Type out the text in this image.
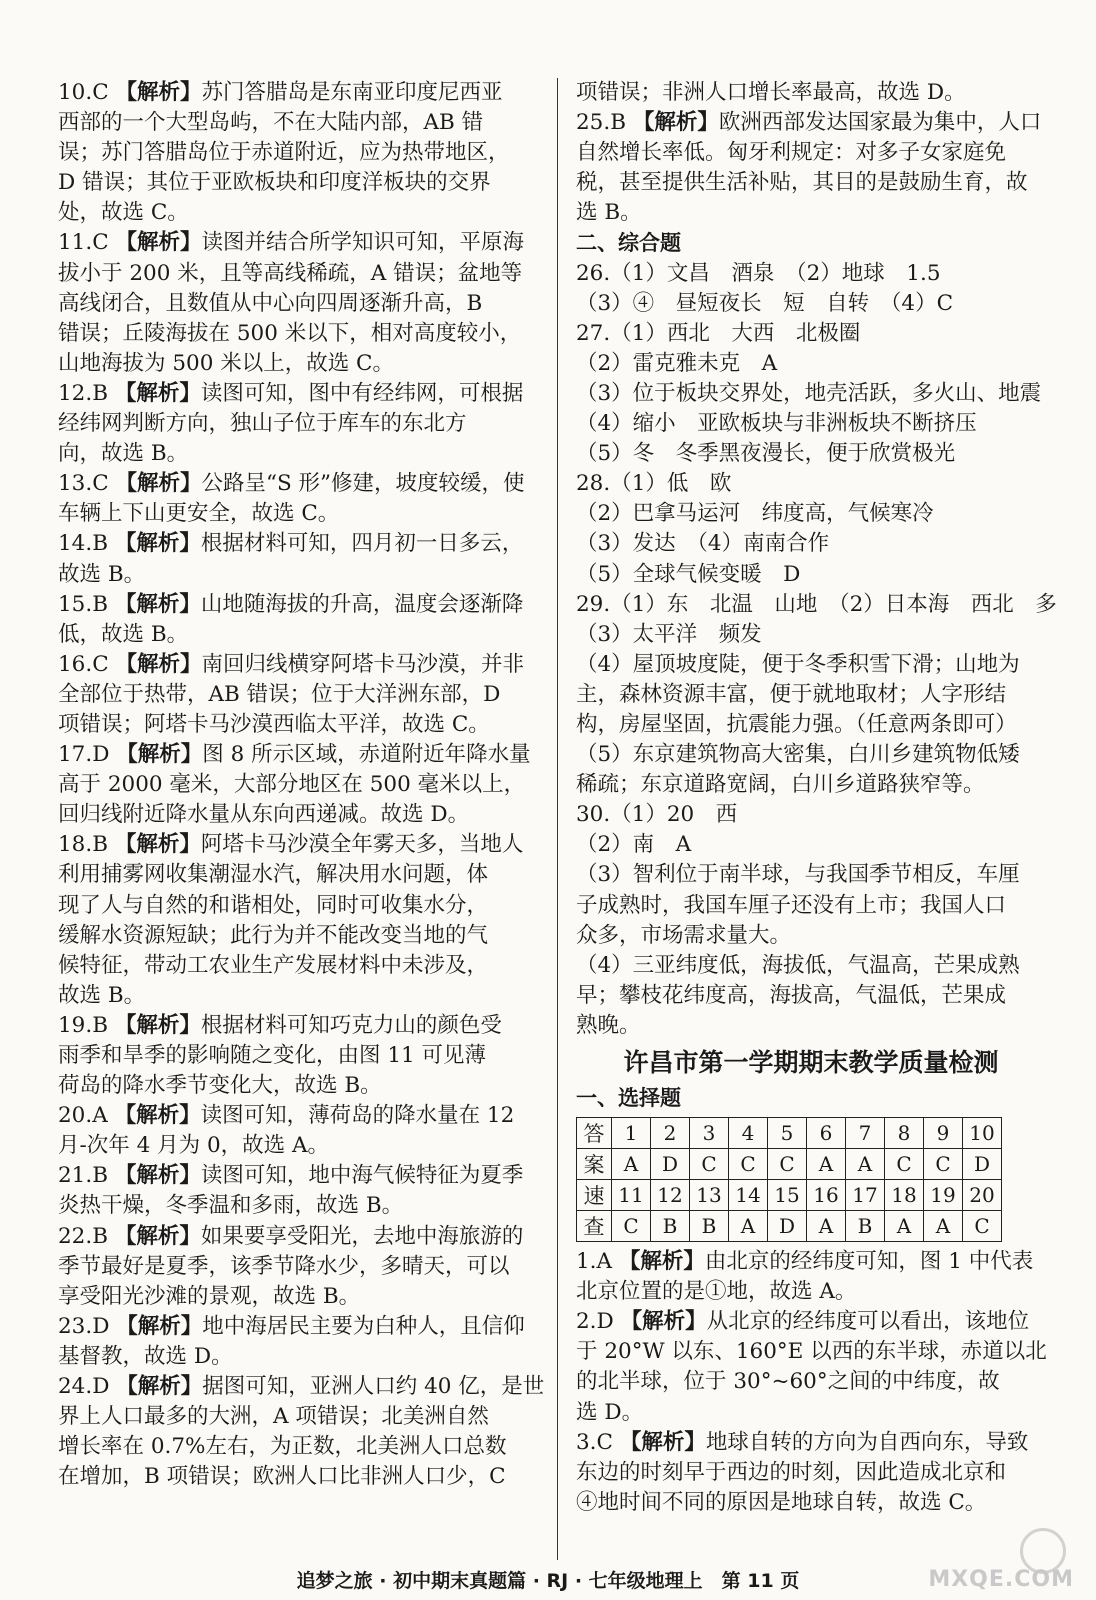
10.C 【解析】苏门答腊岛是东南亚印度尼西亚
西部的一个大型岛屿，不在大陆内部，AB 错
误；苏门答腊岛位于赤道附近，应为热带地区，
D 错误；其位于亚欧板块和印度洋板块的交界
处，故选 C。
11.C 【解析】读图并结合所学知识可知，平原海
拔小于 200 米，且等高线稀疏，A 错误；盆地等
高线闭合，且数值从中心向四周逐渐升高，B
错误；丘陵海拔在 500 米以下，相对高度较小，
山地海拔为 500 米以上，故选 C。
12.B 【解析】读图可知，图中有经纬网，可根据
经纬网判断方向，独山子位于库车的东北方
向，故选 B。
13.C 【解析】公路呈“S 形”修建，坡度较缓，使
车辆上下山更安全，故选 C。
14.B 【解析】根据材料可知，四月初一日多云，
故选 B。
15.B 【解析】山地随海拔的升高，温度会逐渐降
低，故选 B。
16.C 【解析】南回归线横穿阿塔卡马沙漠，并非
全部位于热带，AB 错误；位于大洋洲东部，D
项错误；阿塔卡马沙漠西临太平洋，故选 C。
17.D 【解析】图 8 所示区域，赤道附近年降水量
高于 2000 毫米，大部分地区在 500 毫米以上，
回归线附近降水量从东向西递减。故选 D。
18.B 【解析】阿塔卡马沙漠全年雾天多，当地人
利用捕雾网收集潮湿水汽，解决用水问题，体
现了人与自然的和谐相处，同时可收集水分，
缓解水资源短缺；此行为并不能改变当地的气
候特征，带动工农业生产发展材料中未涉及，
故选 B。
19.B 【解析】根据材料可知巧克力山的颜色受
雨季和旱季的影响随之变化，由图 11 可见薄
荷岛的降水季节变化大，故选 B。
20.A 【解析】读图可知，薄荷岛的降水量在 12
月-次年 4 月为 0，故选 A。
21.B 【解析】读图可知，地中海气候特征为夏季
炎热干燥，冬季温和多雨，故选 B。
22.B 【解析】如果要享受阳光，去地中海旅游的
季节最好是夏季，该季节降水少，多晴天，可以
享受阳光沙滩的景观，故选 B。
23.D 【解析】地中海居民主要为白种人，且信仰
基督教，故选 D。
24.D 【解析】据图可知，亚洲人口约 40 亿，是世
界上人口最多的大洲，A 项错误；北美洲自然
增长率在 0.7%左右，为正数，北美洲人口总数
在增加，B 项错误；欧洲人口比非洲人口少，C
项错误；非洲人口增长率最高，故选 D。
25.B 【解析】欧洲西部发达国家最为集中，人口
自然增长率低。匈牙利规定：对多子女家庭免
税，甚至提供生活补贴，其目的是鼓励生育，故
选 B。
二、综合题
26.（1）文昌　酒泉　（2）地球　1.5
（3）④　昼短夜长　短　自转　（4）C
27.（1）西北　大西　北极圈
（2）雷克雅未克　A
（3）位于板块交界处，地壳活跃，多火山、地震
（4）缩小　亚欧板块与非洲板块不断挤压
（5）冬　冬季黑夜漫长，便于欣赏极光
28.（1）低　欧
（2）巴拿马运河　纬度高，气候寒冷
（3）发达　（4）南南合作
（5）全球气候变暖　D
29.（1）东　北温　山地　（2）日本海　西北　多
（3）太平洋　频发
（4）屋顶坡度陡，便于冬季积雪下滑；山地为
主，森林资源丰富，便于就地取材；人字形结
构，房屋坚固，抗震能力强。（任意两条即可）
（5）东京建筑物高大密集，白川乡建筑物低矮
稀疏；东京道路宽阔，白川乡道路狭窄等。
30.（1）20　西
（2）南　A
（3）智利位于南半球，与我国季节相反，车厘
子成熟时，我国车厘子还没有上市；我国人口
众多，市场需求量大。
（4）三亚纬度低，海拔低，气温高，芒果成熟
早；攀枝花纬度高，海拔高，气温低，芒果成
熟晚。
许昌市第一学期期末教学质量检测
一、选择题
答	1	2	3	4	5	6	7	8	9	10
案	A	D	C	C	C	A	A	C	C	D
速	11	12	13	14	15	16	17	18	19	20
查	C	B	B	A	D	A	B	A	A	C
1.A 【解析】由北京的经纬度可知，图 1 中代表
北京位置的是①地，故选 A。
2.D 【解析】从北京的经纬度可以看出，该地位
于 20°W 以东、160°E 以西的东半球，赤道以北
的北半球，位于 30°~60°之间的中纬度，故
选 D。
3.C 【解析】地球自转的方向为自西向东，导致
东边的时刻早于西边的时刻，因此造成北京和
④地时间不同的原因是地球自转，故选 C。
追梦之旅 · 初中期末真题篇 · RJ · 七年级地理上　第 11 页	MXQE.COM
